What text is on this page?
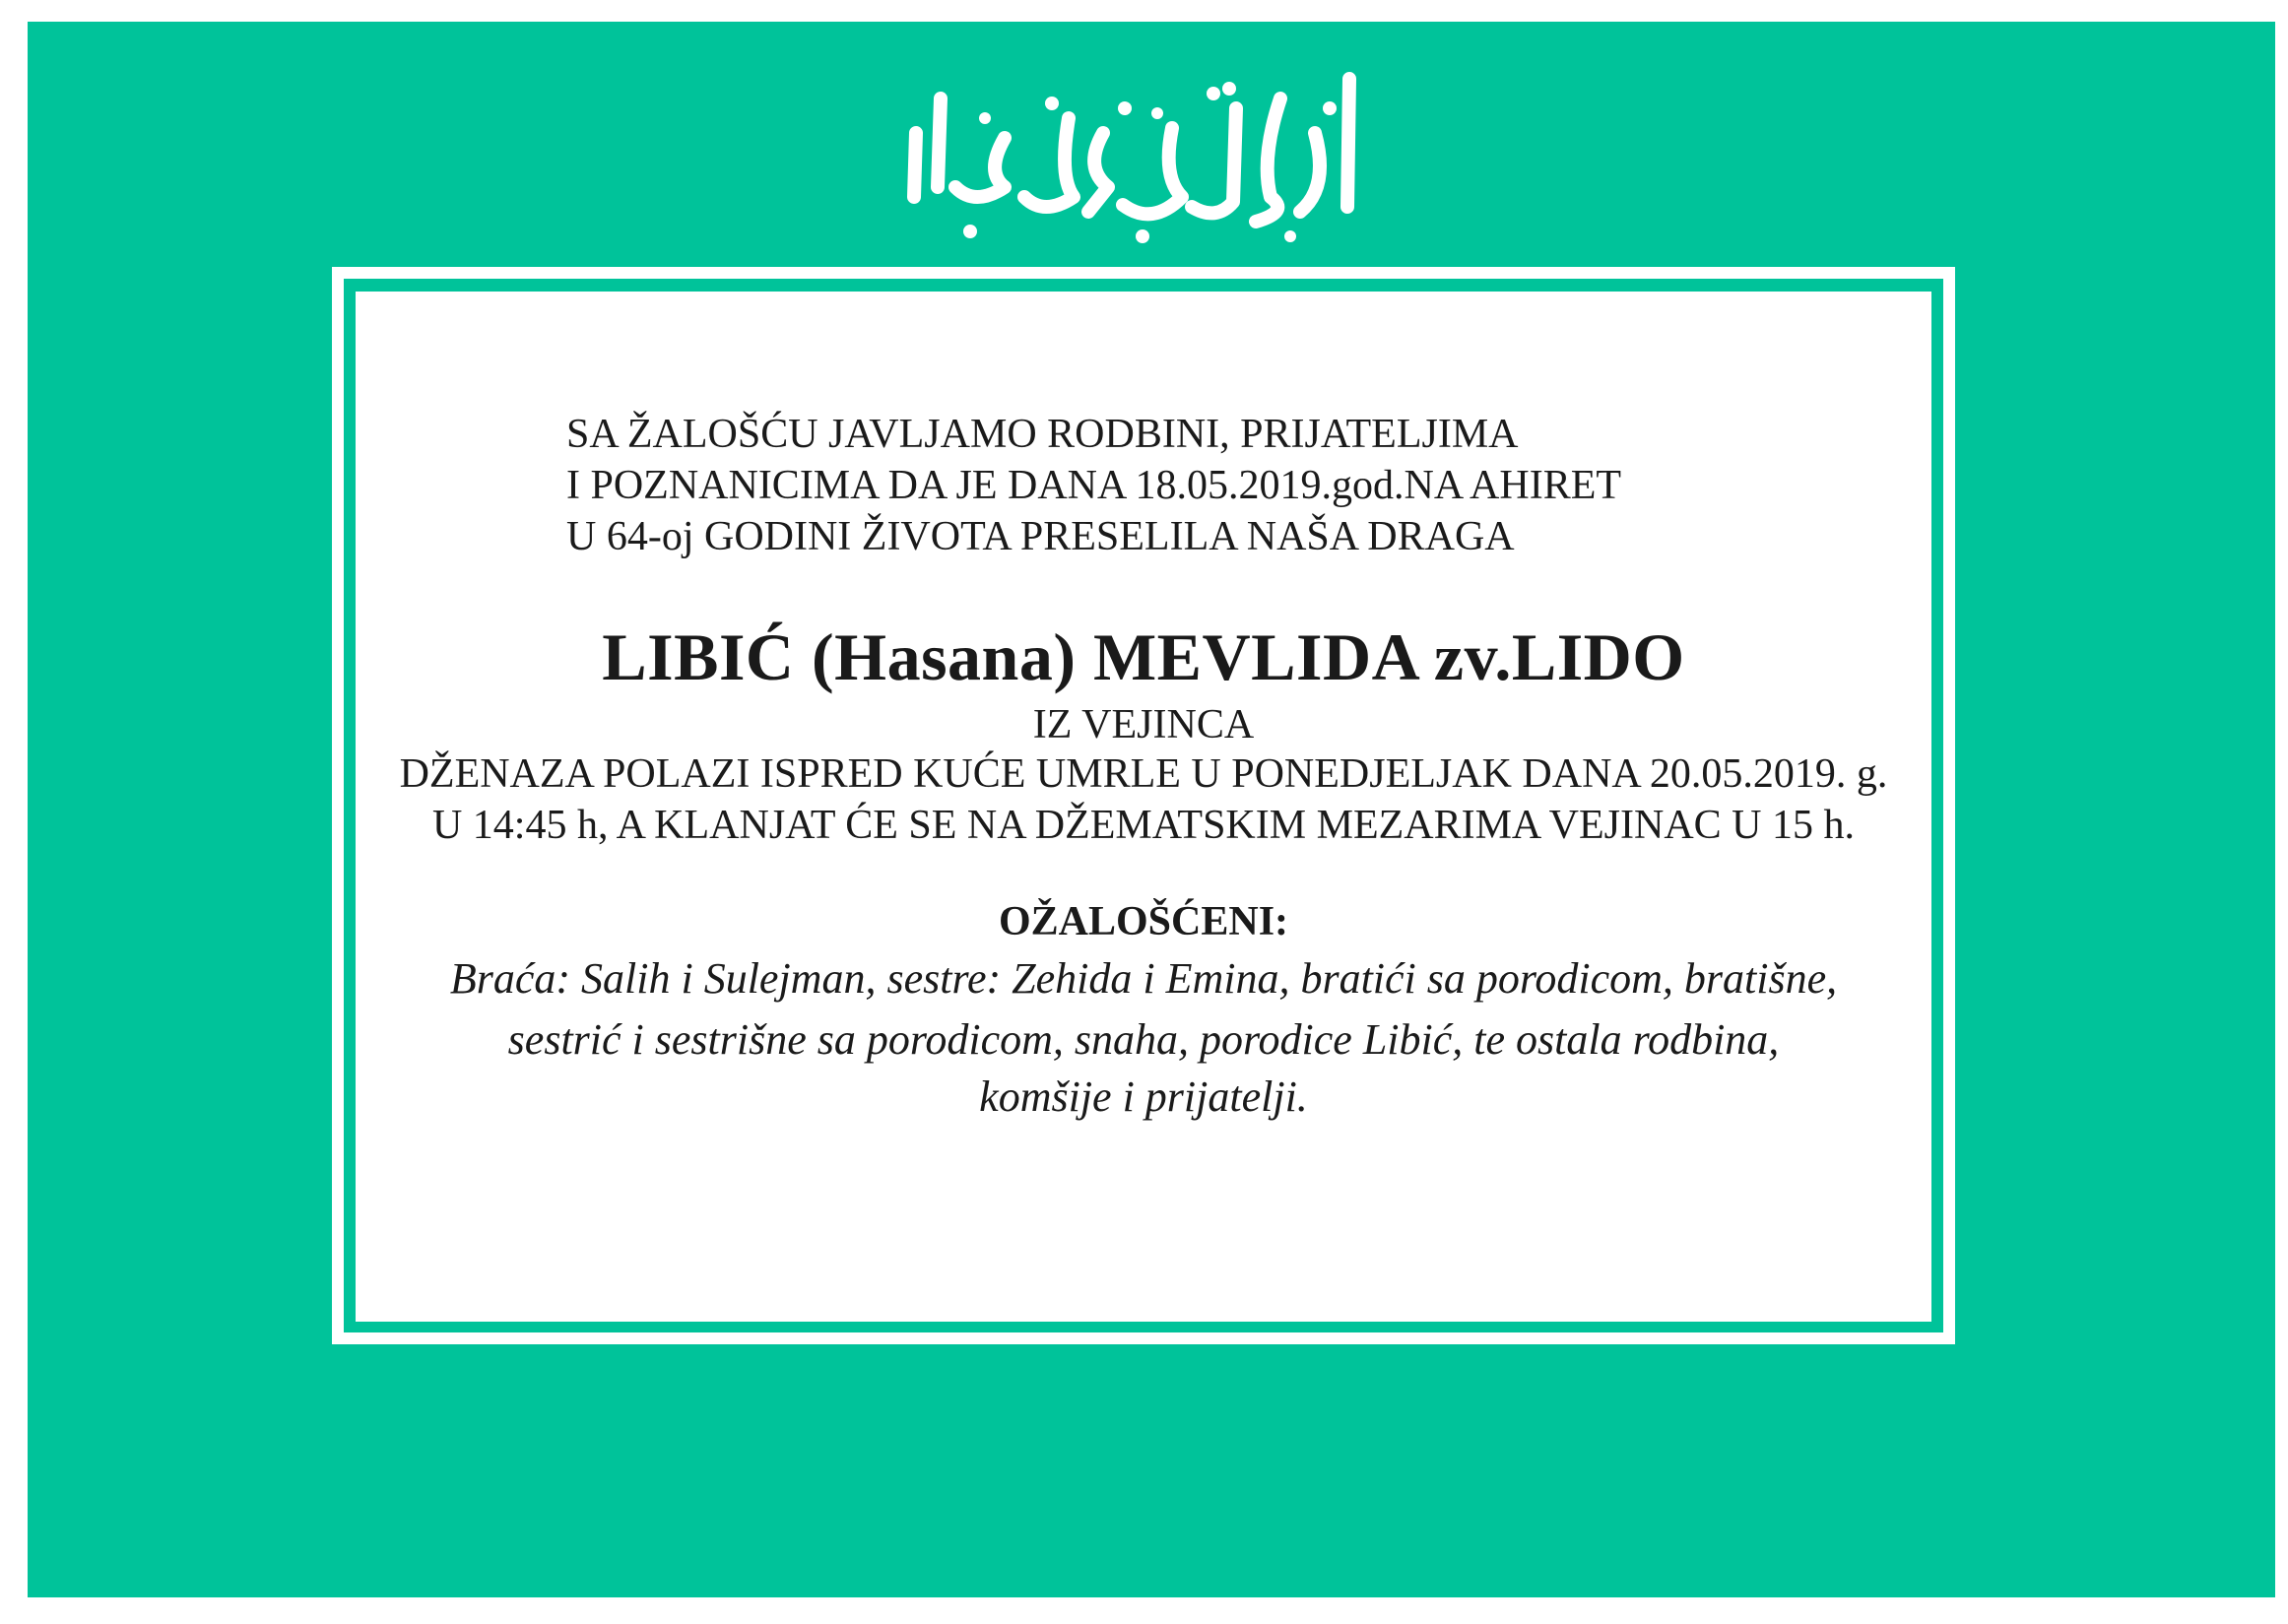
ارتحال ذاربقا
SA ŽALOŠĆU JAVLJAMO RODBINI, PRIJATELJIMA
I POZNANICIMA DA JE DANA 18.05.2019.god.NA AHIRET
U 64-oj GODINI ŽIVOTA PRESELILA NAŠA DRAGA
LIBIĆ (Hasana) MEVLIDA zv.LIDO
IZ VEJINCA
DŽENAZA POLAZI ISPRED KUĆE UMRLE U PONEDJELJAK DANA 20.05.2019. g.
U 14:45 h, A KLANJAT ĆE SE NA DŽEMATSKIM MEZARIMA VEJINAC U 15 h.
OŽALOŠĆENI:
Braća: Salih i Sulejman, sestre: Zehida i Emina, bratići sa porodicom, bratišne,
sestrić i sestrišne sa porodicom, snaha, porodice Libić, te ostala rodbina,
komšije i prijatelji.
